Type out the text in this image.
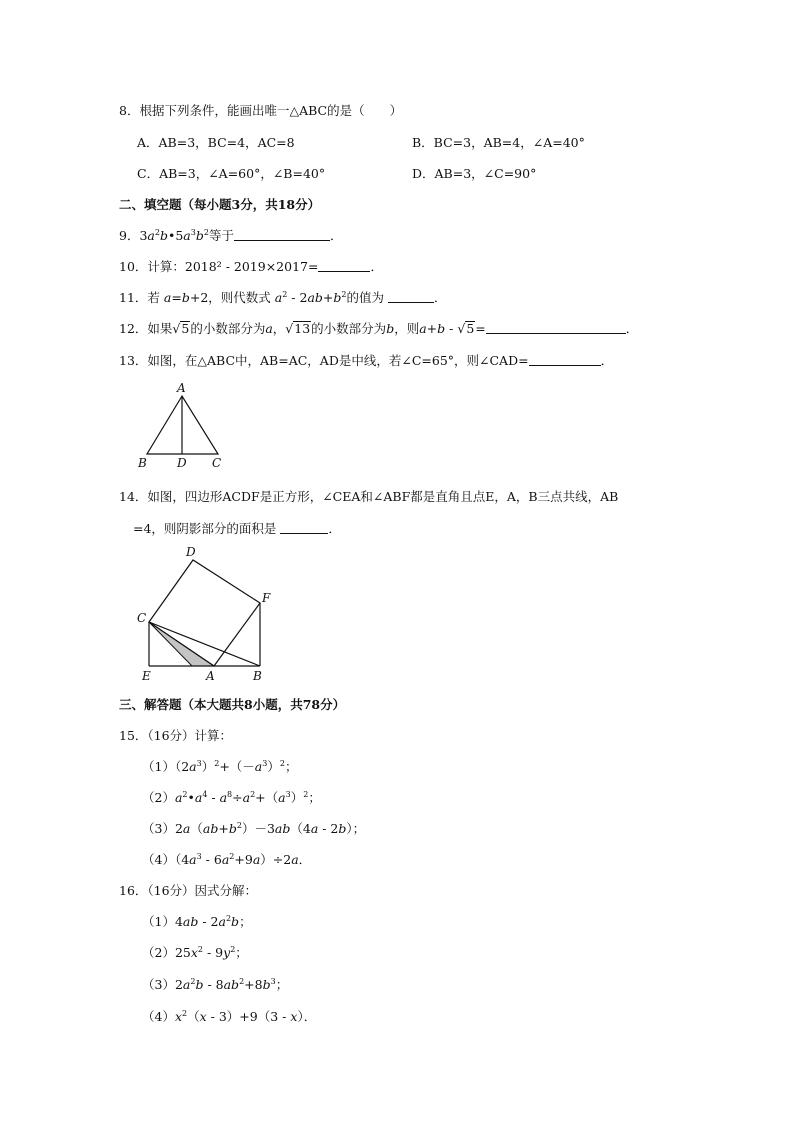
8．根据下列条件，能画出唯一△ABC的是（　　）
A．AB=3，BC=4，AC=8	B．BC=3，AB=4，∠A=40°
C．AB=3，∠A=60°，∠B=40°	D．AB=3，∠C=90°
二、填空题（每小题3分，共18分）
9．$3a^2b•5a^3b^2$等于	．
10．计算：2018² - 2019×2017=	．
11．若 a=b+2，则代数式 $a^2 - 2ab+b^2$的值为	．
12．如果√5的小数部分为a，√13的小数部分为b，则a+b - √5=	．
13．如图，在△ABC中，AB=AC，AD是中线，若∠C=65°，则∠CAD=	．
A
B	D C
14．如图，四边形ACDF是正方形，∠CEA和∠ABF都是直角且点E，A，B三点共线，AB
=4，则阴影部分的面积是	．
D
F
C
E	A	B
三、解答题（本大题共8小题，共78分）
15．（16分）计算：
$(1)(2a^3)^2+(-a^3)^2$；
$(2)a^2•a^4 - a^8\div a^2+(a^3)^2$；
$(3)2a(ab+b^2)-3ab(4a - 2b)$；
$(4)(4a^3 - 6a^2+9a)\div 2a$．
16．（16分）因式分解：
$(1)4ab - 2a^2b$；
$(2)25x^2 - 9y^2$；
$(3)2a^2b - 8ab^2+8b^3$；
$(4)x^2(x - 3)+9(3 - x)$．
